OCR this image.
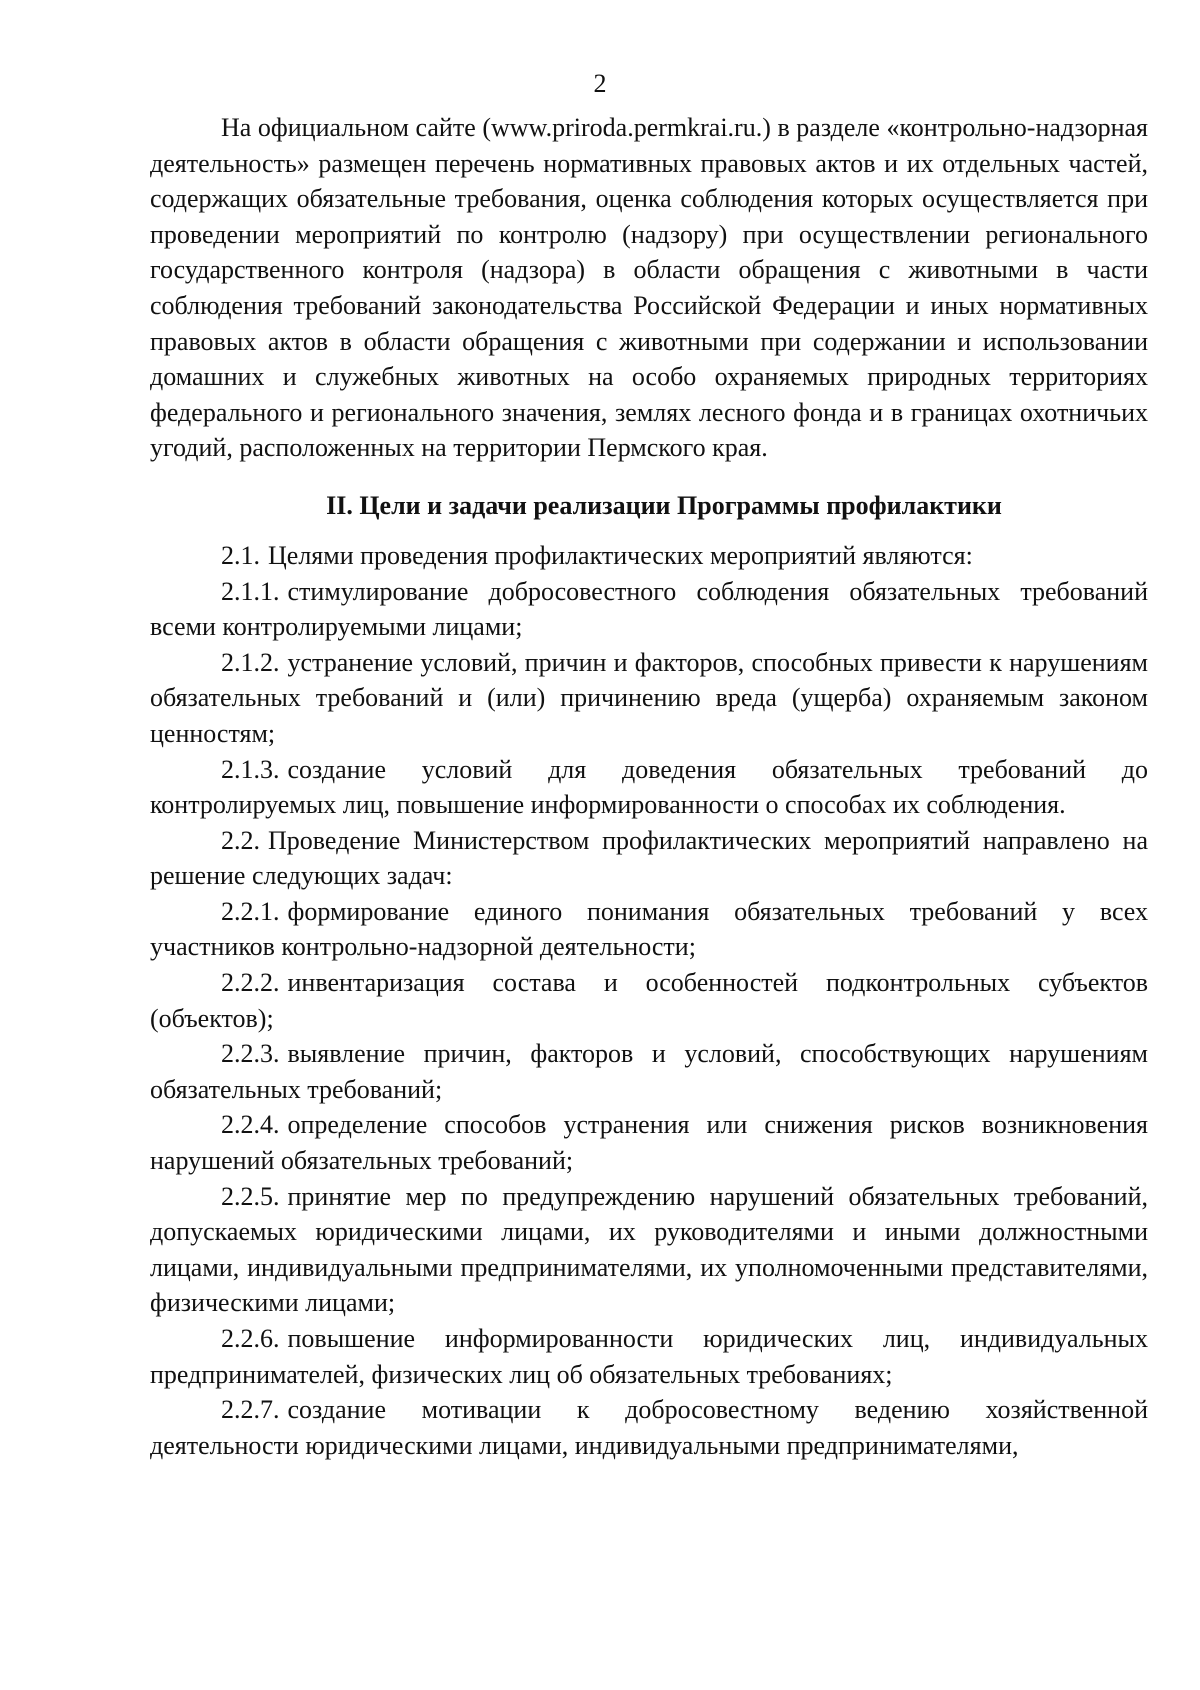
2

На официальном сайте (www.priroda.permkrai.ru.) в разделе «контрольно-надзорная деятельность» размещен перечень нормативных правовых актов и их отдельных частей, содержащих обязательные требования, оценка соблюдения которых осуществляется при проведении мероприятий по контролю (надзору) при осуществлении регионального государственного контроля (надзора) в области обращения с животными в части соблюдения требований законодательства Российской Федерации и иных нормативных правовых актов в области обращения с животными при содержании и использовании домашних и служебных животных на особо охраняемых природных территориях федерального и регионального значения, землях лесного фонда и в границах охотничьих угодий, расположенных на территории Пермского края.

II. Цели и задачи реализации Программы профилактики

2.1. Целями проведения профилактических мероприятий являются:

2.1.1. стимулирование добросовестного соблюдения обязательных требований всеми контролируемыми лицами;

2.1.2. устранение условий, причин и факторов, способных привести к нарушениям обязательных требований и (или) причинению вреда (ущерба) охраняемым законом ценностям;

2.1.3. создание условий для доведения обязательных требований до контролируемых лиц, повышение информированности о способах их соблюдения.

2.2. Проведение Министерством профилактических мероприятий направлено на решение следующих задач:

2.2.1. формирование единого понимания обязательных требований у всех участников контрольно-надзорной деятельности;

2.2.2. инвентаризация состава и особенностей подконтрольных субъектов (объектов);

2.2.3. выявление причин, факторов и условий, способствующих нарушениям обязательных требований;

2.2.4. определение способов устранения или снижения рисков возникновения нарушений обязательных требований;

2.2.5. принятие мер по предупреждению нарушений обязательных требований, допускаемых юридическими лицами, их руководителями и иными должностными лицами, индивидуальными предпринимателями, их уполномоченными представителями, физическими лицами;

2.2.6. повышение информированности юридических лиц, индивидуальных предпринимателей, физических лиц об обязательных требованиях;

2.2.7. создание мотивации к добросовестному ведению хозяйственной деятельности юридическими лицами, индивидуальными предпринимателями,
